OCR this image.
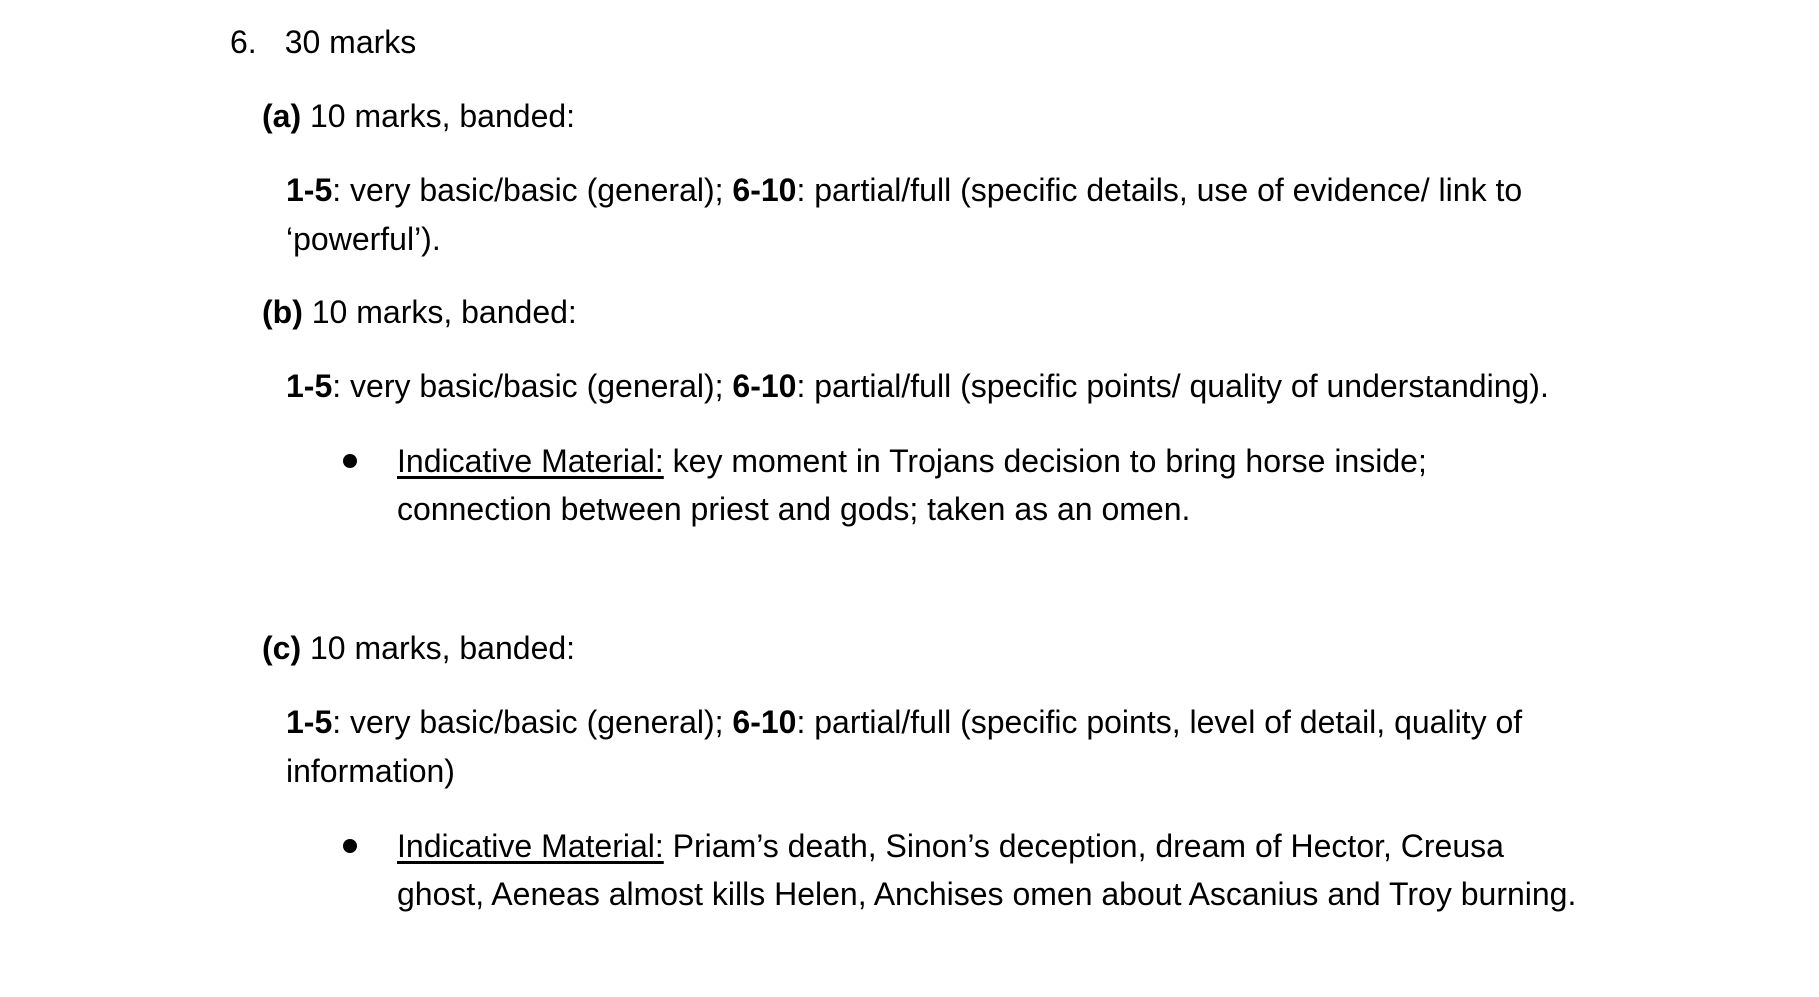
6. 30 marks
(a) 10 marks, banded:
1-5: very basic/basic (general); 6-10: partial/full (specific details, use of evidence/ link to
‘powerful’).
(b) 10 marks, banded:
1-5: very basic/basic (general); 6-10: partial/full (specific points/ quality of understanding).
Indicative Material: key moment in Trojans decision to bring horse inside;
connection between priest and gods; taken as an omen.
(c) 10 marks, banded:
1-5: very basic/basic (general); 6-10: partial/full (specific points, level of detail, quality of
information)
Indicative Material: Priam’s death, Sinon’s deception, dream of Hector, Creusa
ghost, Aeneas almost kills Helen, Anchises omen about Ascanius and Troy burning.
